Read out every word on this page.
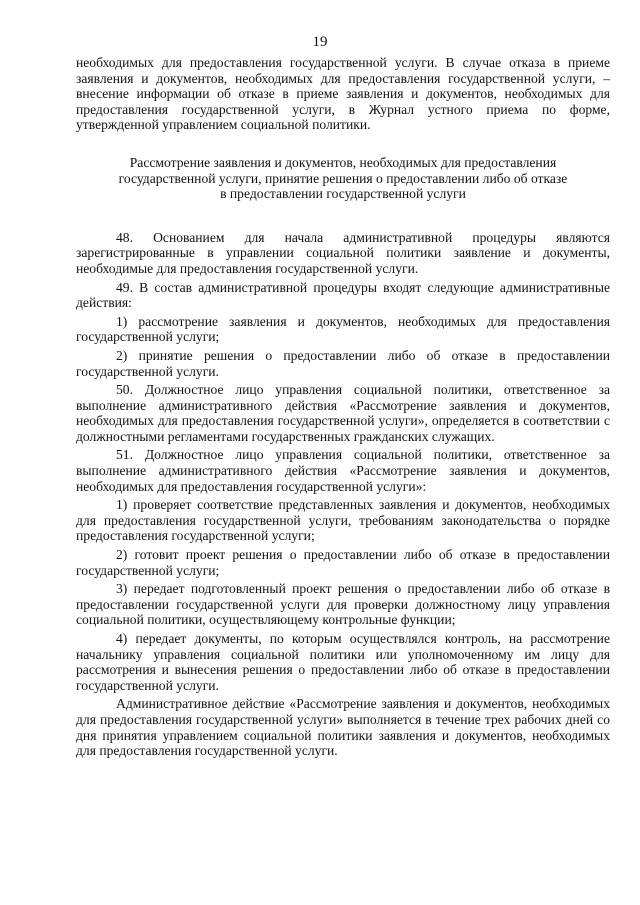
19

необходимых для предоставления государственной услуги. В случае отказа в приеме заявления и документов, необходимых для предоставления государственной услуги, – внесение информации об отказе в приеме заявления и документов, необходимых для предоставления государственной услуги, в Журнал устного приема по форме, утвержденной управлением социальной политики.

Рассмотрение заявления и документов, необходимых для предоставления
государственной услуги, принятие решения о предоставлении либо об отказе
в предоставлении государственной услуги

48. Основанием для начала административной процедуры являются зарегистрированные в управлении социальной политики заявление и документы, необходимые для предоставления государственной услуги.

49. В состав административной процедуры входят следующие административные действия:

1) рассмотрение заявления и документов, необходимых для предоставления государственной услуги;

2) принятие решения о предоставлении либо об отказе в предоставлении государственной услуги.

50. Должностное лицо управления социальной политики, ответственное за выполнение административного действия «Рассмотрение заявления и документов, необходимых для предоставления государственной услуги», определяется в соответствии с должностными регламентами государственных гражданских служащих.

51. Должностное лицо управления социальной политики, ответственное за выполнение административного действия «Рассмотрение заявления и документов, необходимых для предоставления государственной услуги»:

1) проверяет соответствие представленных заявления и документов, необходимых для предоставления государственной услуги, требованиям законодательства о порядке предоставления государственной услуги;

2) готовит проект решения о предоставлении либо об отказе в предоставлении государственной услуги;

3) передает подготовленный проект решения о предоставлении либо об отказе в предоставлении государственной услуги для проверки должностному лицу управления социальной политики, осуществляющему контрольные функции;

4) передает документы, по которым осуществлялся контроль, на рассмотрение начальнику управления социальной политики или уполномоченному им лицу для рассмотрения и вынесения решения о предоставлении либо об отказе в предоставлении государственной услуги.

Административное действие «Рассмотрение заявления и документов, необходимых для предоставления государственной услуги» выполняется в течение трех рабочих дней со дня принятия управлением социальной политики заявления и документов, необходимых для предоставления государственной услуги.
